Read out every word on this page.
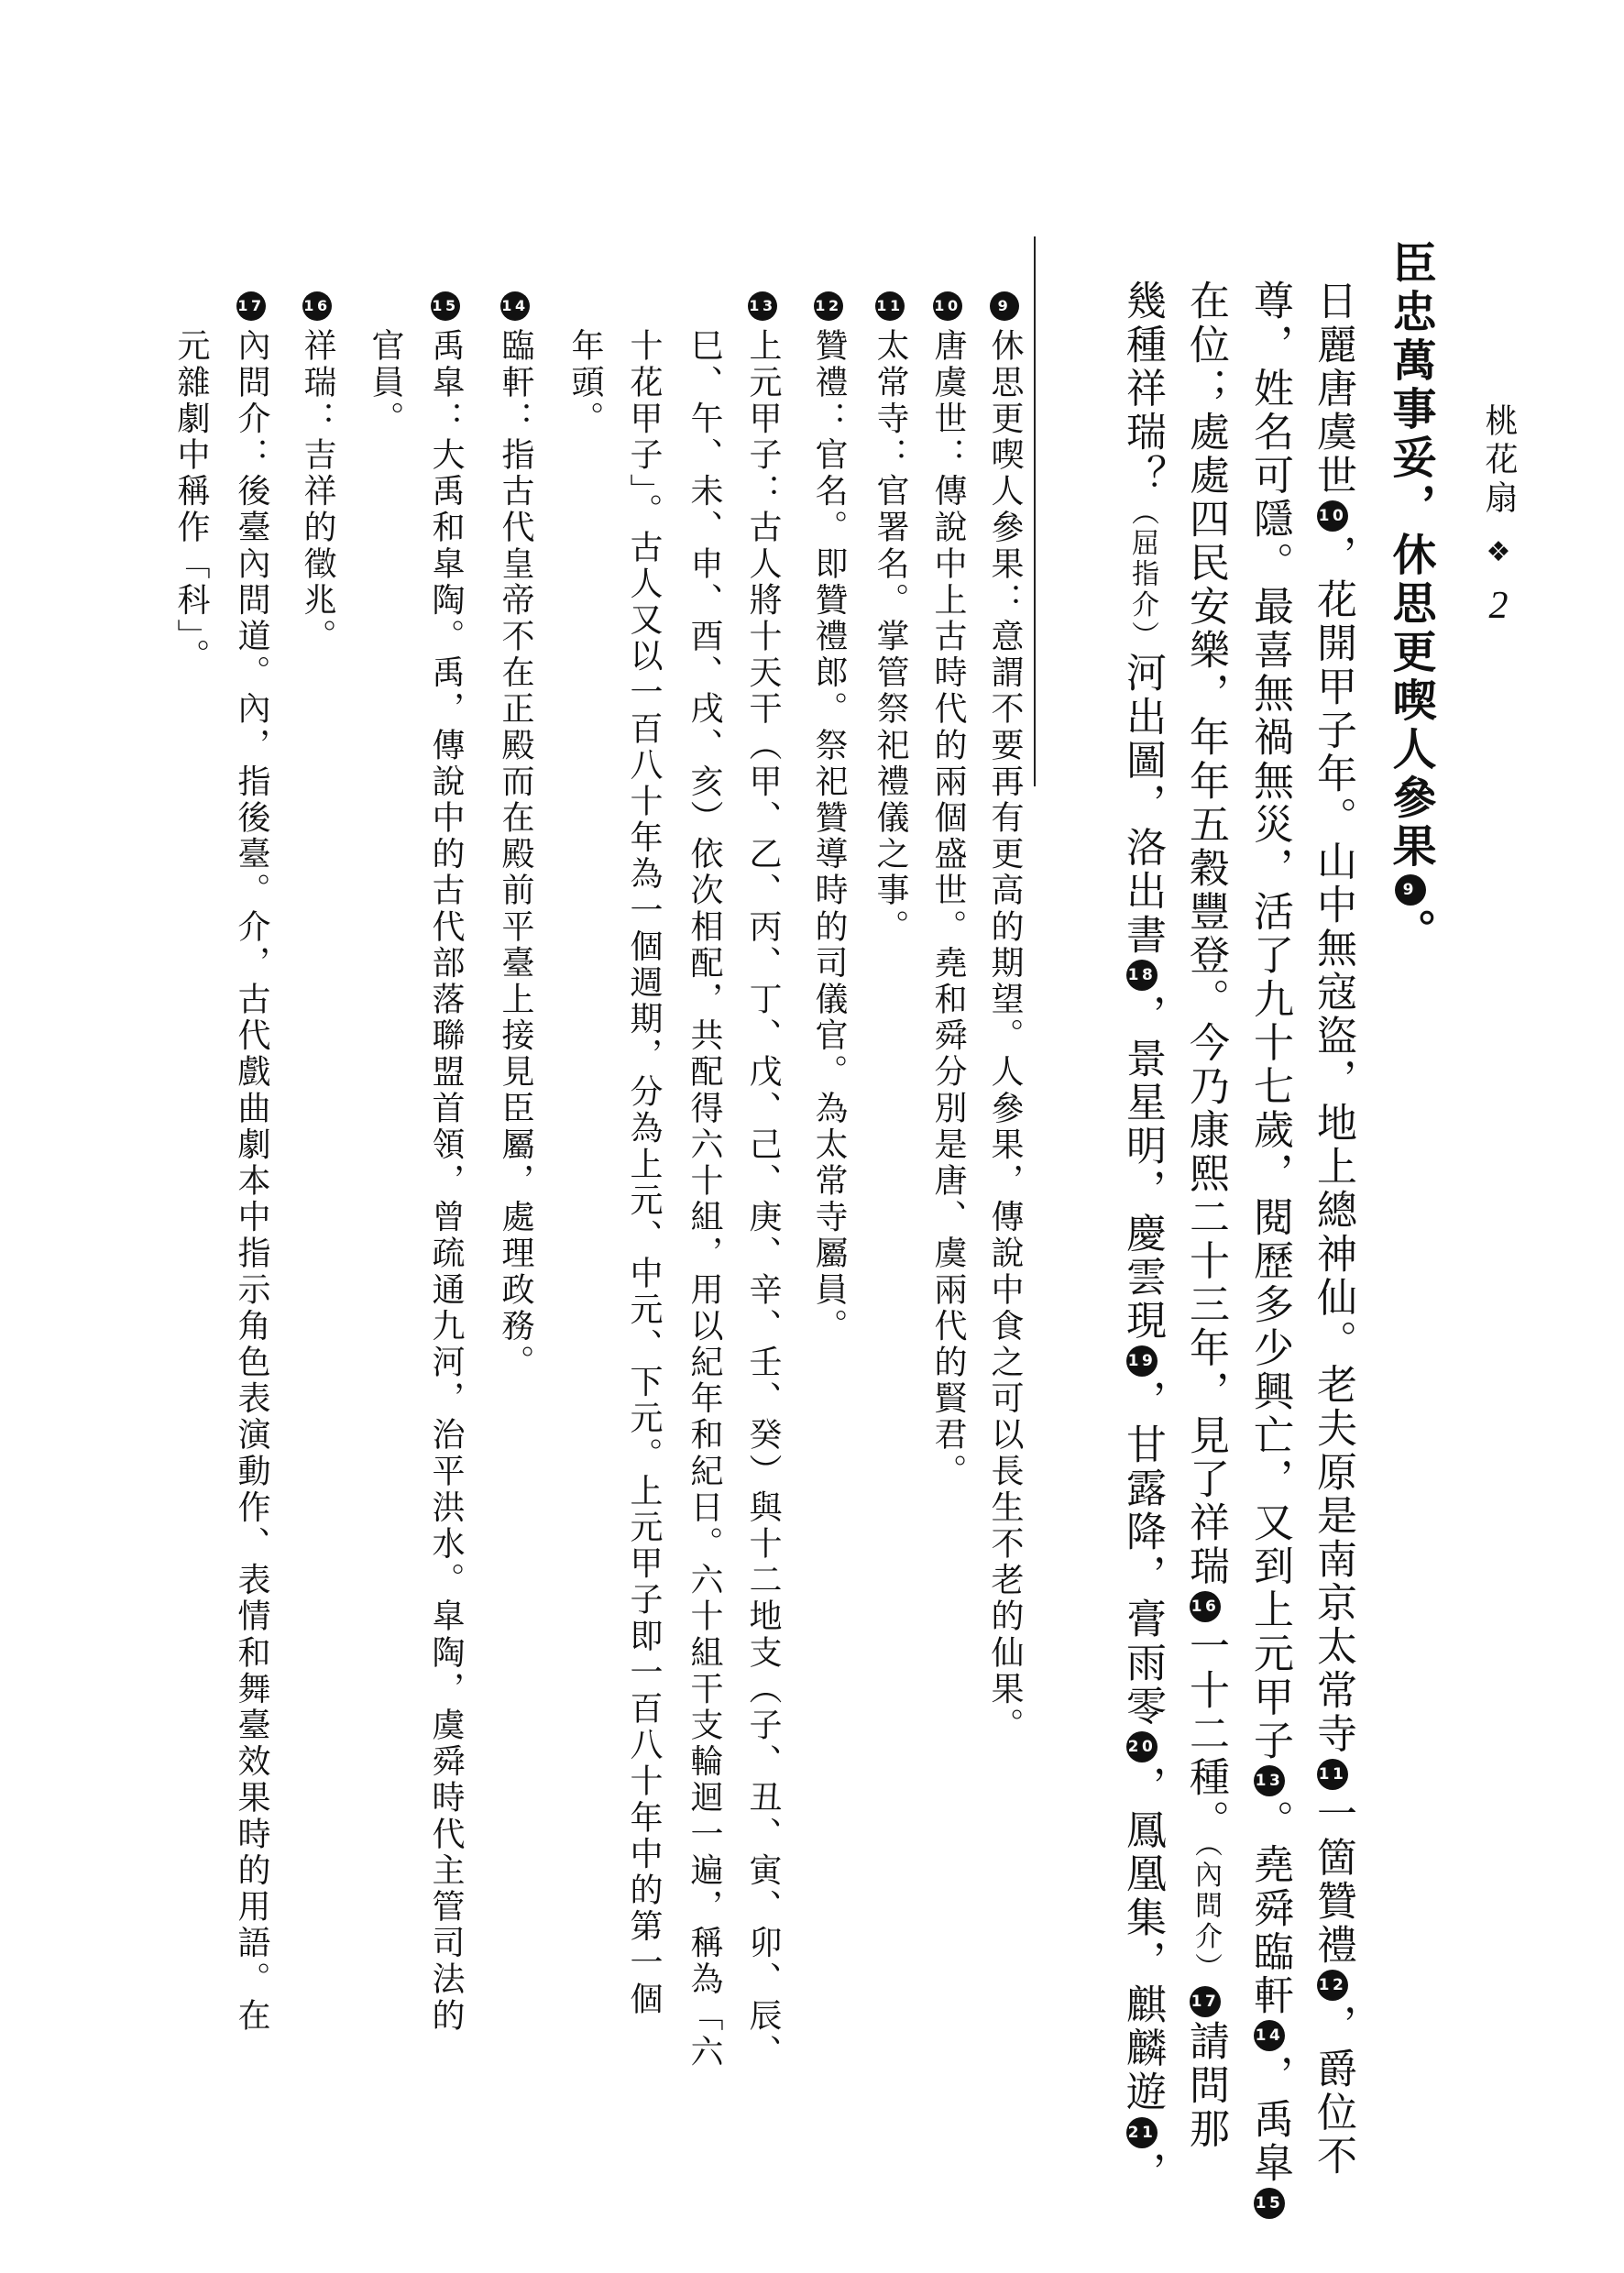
桃花扇
❖
2
臣忠萬事妥，休思更喫人參果9。
日麗唐虞世10，花開甲子年。山中無寇盜，地上總神仙。老夫原是南京太常寺11一箇贊禮12，爵位不
尊，姓名可隱。最喜無禍無災，活了九十七歲，閱歷多少興亡，又到上元甲子13。堯舜臨軒14，禹皐15
在位；處處四民安樂，年年五穀豐登。今乃康熙二十三年，見了祥瑞16一十二種。（內問介）17請問那
幾種祥瑞？（屈指介）河出圖，洛出書18，景星明，慶雲現19，甘露降，膏雨零20，鳳凰集，麒麟遊21，
9休思更喫人參果：意謂不要再有更高的期望。人參果，傳說中食之可以長生不老的仙果。
10唐虞世：傳說中上古時代的兩個盛世。堯和舜分別是唐、虞兩代的賢君。
11太常寺：官署名。掌管祭祀禮儀之事。
12贊禮：官名。即贊禮郎。祭祀贊導時的司儀官。為太常寺屬員。
13上元甲子：古人將十天干（甲、乙、丙、丁、戊、己、庚、辛、壬、癸）與十二地支（子、丑、寅、卯、辰、
巳、午、未、申、酉、戌、亥）依次相配，共配得六十組，用以紀年和紀日。六十組干支輪迴一遍，稱為「六
十花甲子」。古人又以一百八十年為一個週期，分為上元、中元、下元。上元甲子即一百八十年中的第一個
年頭。
14臨軒：指古代皇帝不在正殿而在殿前平臺上接見臣屬，處理政務。
15禹皐：大禹和皐陶。禹，傳說中的古代部落聯盟首領，曾疏通九河，治平洪水。皐陶，虞舜時代主管司法的
官員。
16祥瑞：吉祥的徵兆。
17內問介：後臺內問道。內，指後臺。介，古代戲曲劇本中指示角色表演動作、表情和舞臺效果時的用語。在
元雜劇中稱作「科」。
